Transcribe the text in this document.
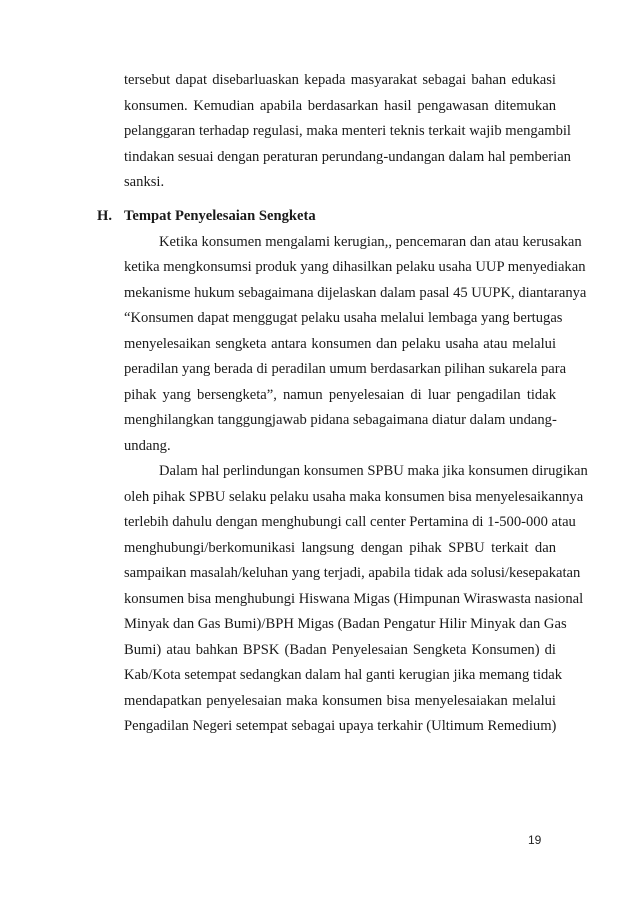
tersebut dapat disebarluaskan kepada masyarakat sebagai bahan edukasi
konsumen. Kemudian apabila berdasarkan hasil pengawasan ditemukan
pelanggaran terhadap regulasi, maka menteri teknis terkait wajib mengambil
tindakan sesuai dengan peraturan perundang-undangan dalam hal pemberian
sanksi.
H. Tempat Penyelesaian Sengketa
Ketika konsumen mengalami kerugian,, pencemaran dan atau kerusakan
ketika mengkonsumsi produk yang dihasilkan pelaku usaha UUP menyediakan
mekanisme hukum sebagaimana dijelaskan dalam pasal 45 UUPK, diantaranya
“Konsumen dapat menggugat pelaku usaha melalui lembaga yang bertugas
menyelesaikan sengketa antara konsumen dan pelaku usaha atau melalui
peradilan yang berada di peradilan umum berdasarkan pilihan sukarela para
pihak yang bersengketa”, namun penyelesaian di luar pengadilan tidak
menghilangkan tanggungjawab pidana sebagaimana diatur dalam undang-
undang.
Dalam hal perlindungan konsumen SPBU maka jika konsumen dirugikan
oleh pihak SPBU selaku pelaku usaha maka konsumen bisa menyelesaikannya
terlebih dahulu dengan menghubungi call center Pertamina di 1-500-000 atau
menghubungi/berkomunikasi langsung dengan pihak SPBU terkait dan
sampaikan masalah/keluhan yang terjadi, apabila tidak ada solusi/kesepakatan
konsumen bisa menghubungi Hiswana Migas (Himpunan Wiraswasta nasional
Minyak dan Gas Bumi)/BPH Migas (Badan Pengatur Hilir Minyak dan Gas
Bumi) atau bahkan BPSK (Badan Penyelesaian Sengketa Konsumen) di
Kab/Kota setempat sedangkan dalam hal ganti kerugian jika memang tidak
mendapatkan penyelesaian maka konsumen bisa menyelesaiakan melalui
Pengadilan Negeri setempat sebagai upaya terkahir (Ultimum Remedium)
19
